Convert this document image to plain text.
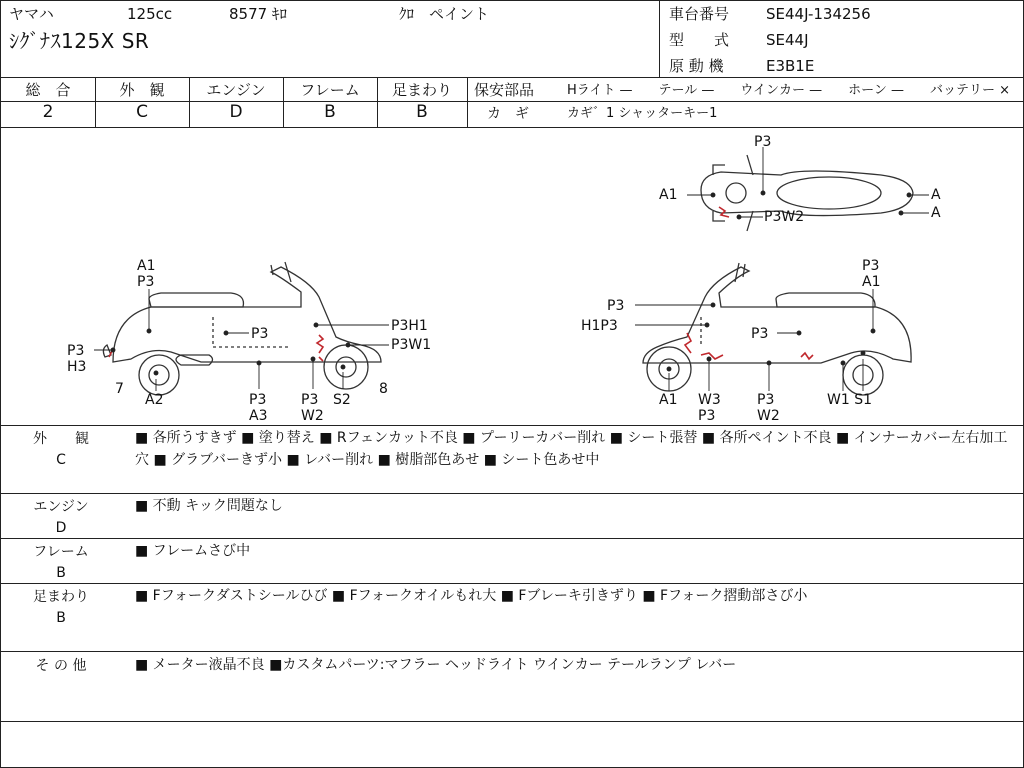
ヤマハ	125cc	8577 ｷﾛ	ｸﾛ　ペイント
ｼｸﾞﾅｽ125X SR
車台番号 SE44J-134256
型　　式 SE44J
原 動 機	E3B1E
総　合	外　観	エンジン	フレーム	足まわり
2	C	D	B	B
保安部品	Hライト —　　テール —　　ウインカー —　　ホーン —　　バッテリー ×
カ　ギ	カギ゛1 シャッターキー1
A1
P3
P3
H3
7
A2
P3
P3
A3
P3
W2
S2
8
P3H1
P3W1
P3
A1
P3
H1P3	P3
A1 W3
P3
P3
W2
W1 S1
P3
A1	A
A
P3W2
外　　観
C
■ 各所うすきず ■ 塗り替え ■ Rフェンカット不良 ■ プーリーカバー削れ ■ シート張替 ■ 各所ペイント不良 ■ インナーカバー左右加工穴 ■ グラブバーきず小 ■ レバー削れ ■ 樹脂部色あせ ■ シート色あせ中
エンジン
D
■ 不動 キック問題なし
フレーム
B
■ フレームさび中
足まわり
B
■ Fフォークダストシールひび ■ Fフォークオイルもれ大 ■ Fブレーキ引きずり ■ Fフォーク摺動部さび小
そ の 他	■ メーター液晶不良 ■カスタムパーツ:マフラー ヘッドライト ウインカー テールランプ レバー
